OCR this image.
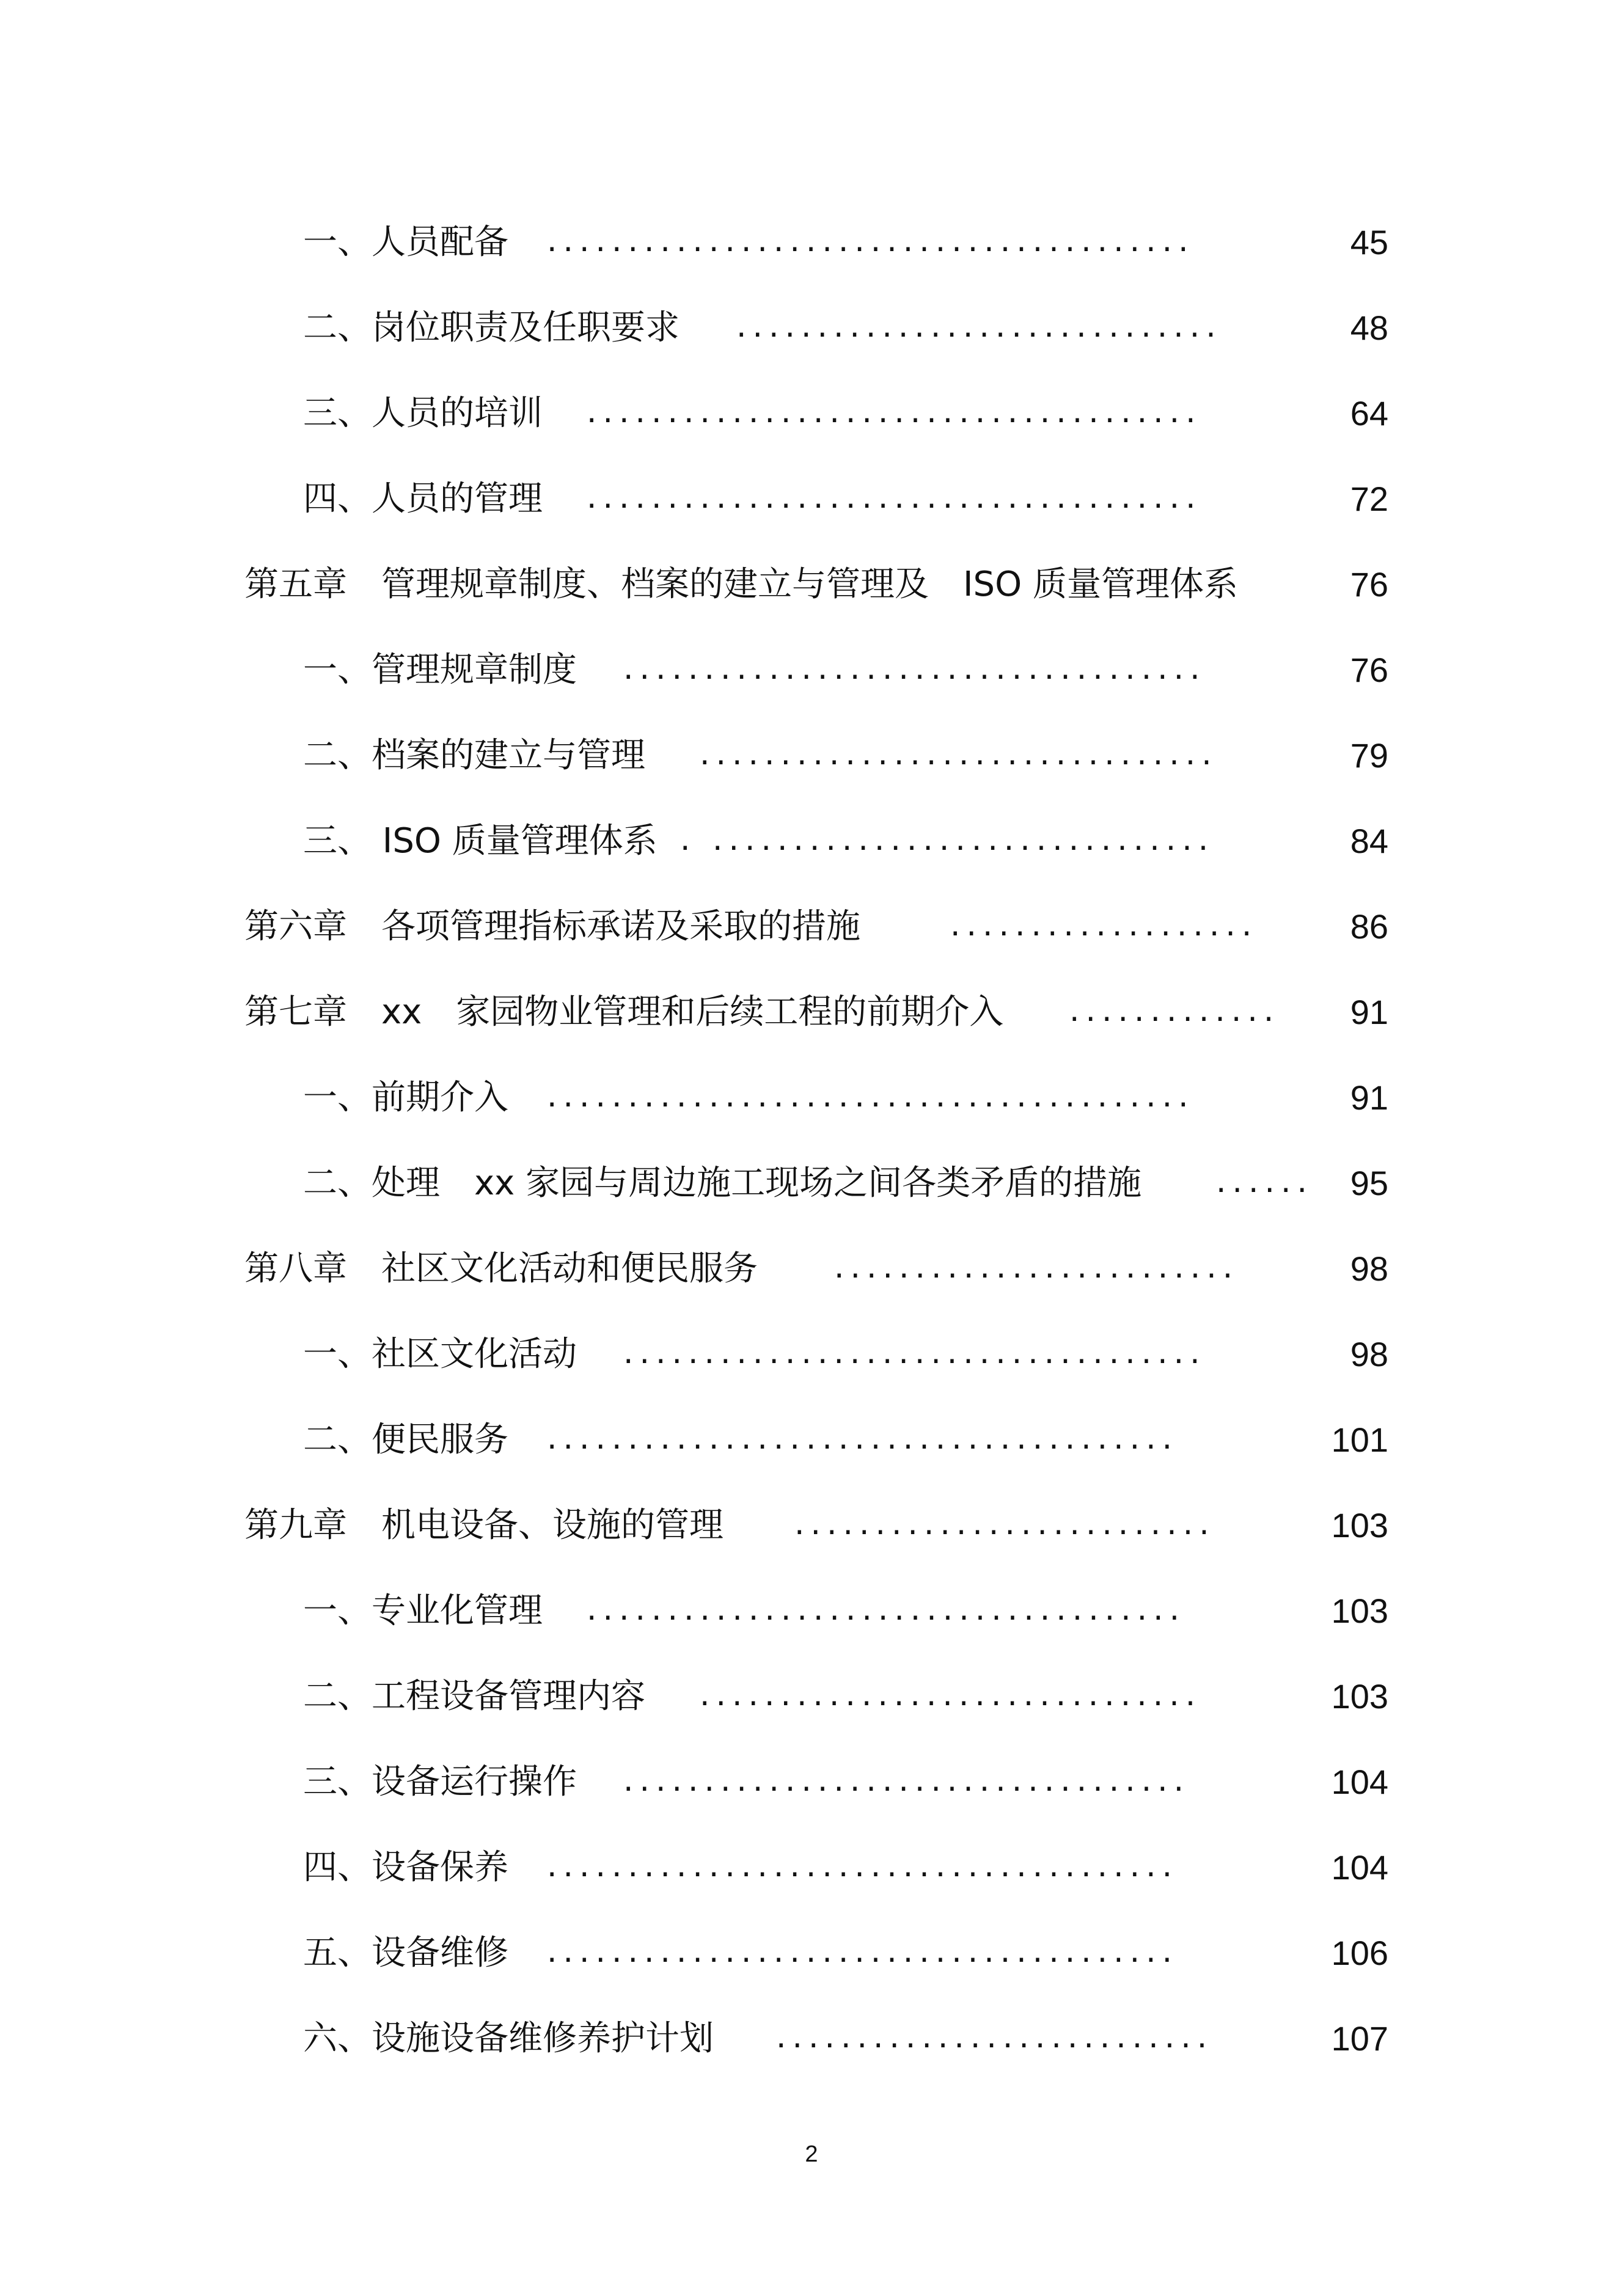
一、人员配备 ........................................	45
二、岗位职责及任职要求 ..............................	48
三、人员的培训 ......................................	64
四、人员的管理 ......................................	72
第五章　管理规章制度、档案的建立与管理及　ISO 质量管理体系	76
一、管理规章制度 ....................................	76
二、档案的建立与管理 ................................	79
三、 ISO 质量管理体系 . ...............................	84
第六章　各项管理指标承诺及采取的措施	...................	86
第七章　xx　家园物业管理和后续工程的前期介入 ............. 91
一、前期介入 ........................................	91
二、处理　xx 家园与周边施工现场之间各类矛盾的措施	...... 95
第八章　社区文化活动和便民服务	.........................	98
一、社区文化活动 ....................................	98
二、便民服务 .......................................	101
第九章　机电设备、设施的管理	..........................	103
一、专业化管理 .....................................	103
二、工程设备管理内容 ...............................	103
三、设备运行操作 ...................................	104
四、设备保养 .......................................	104
五、设备维修 .......................................	106
六、设施设备维修养护计划 ...........................	107
2
